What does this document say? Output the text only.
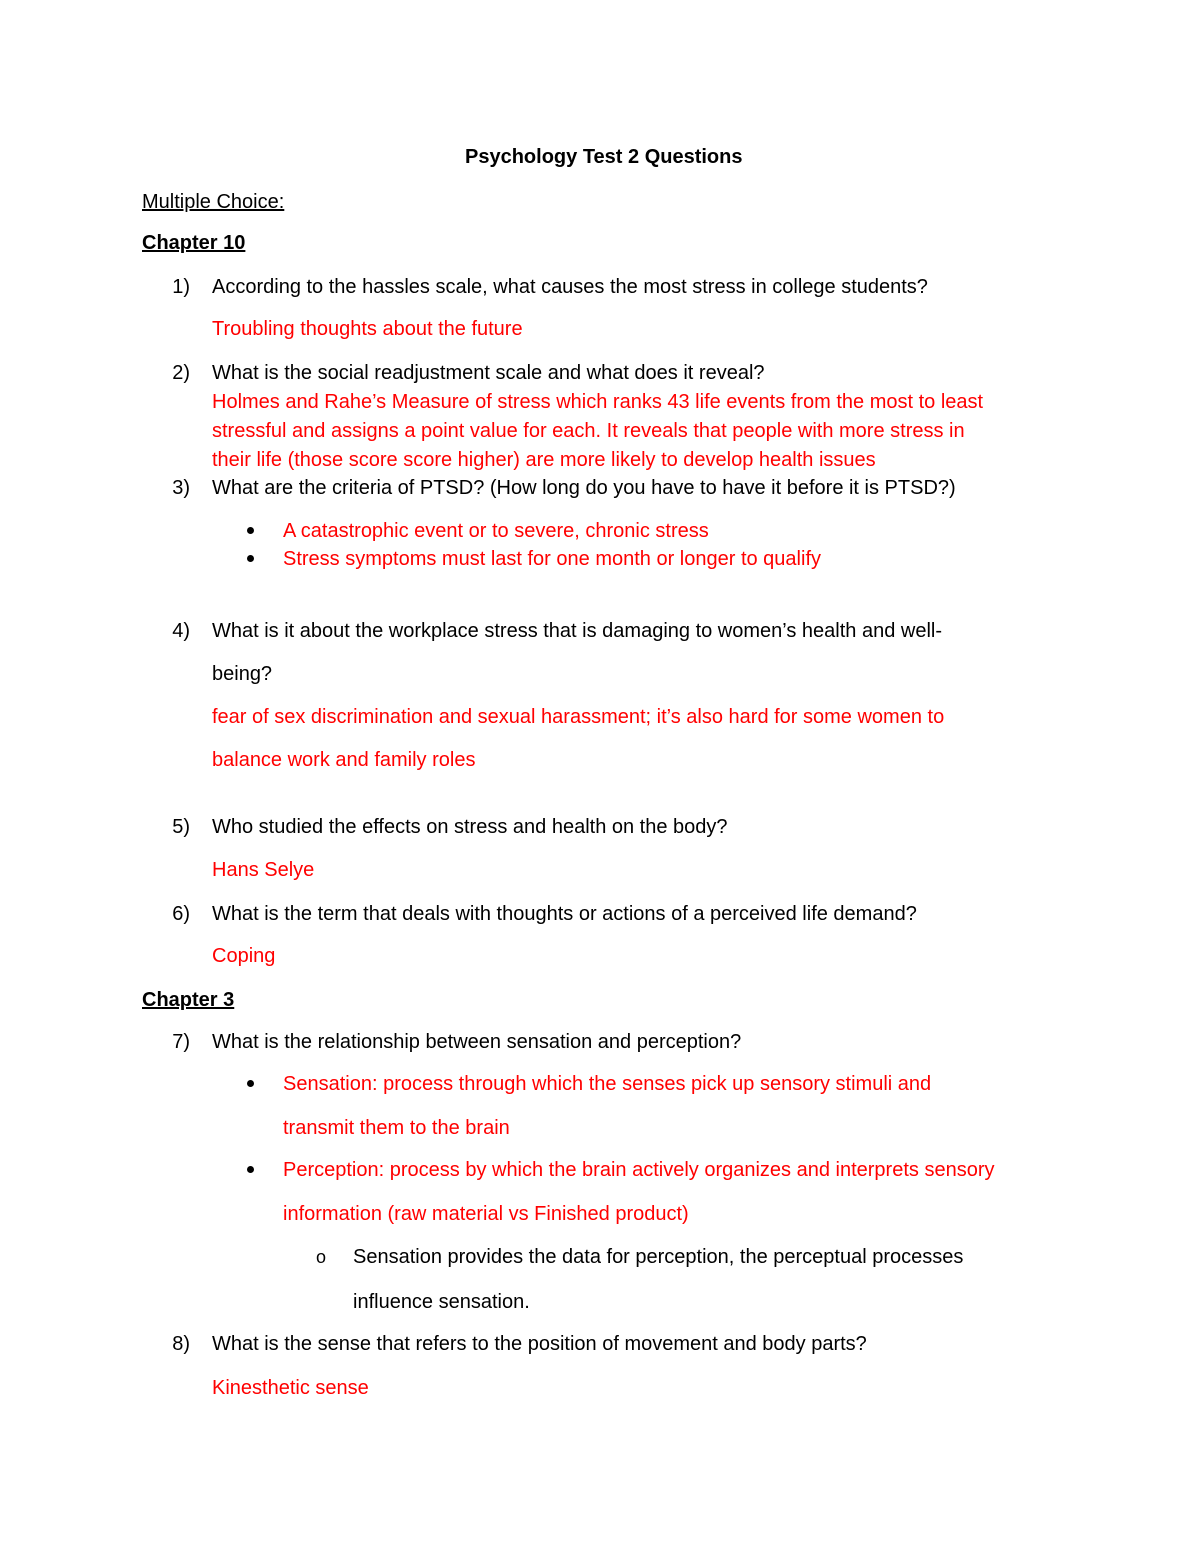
Psychology Test 2 Questions
Multiple Choice:
Chapter 10
1) According to the hassles scale, what causes the most stress in college students?
Troubling thoughts about the future
2) What is the social readjustment scale and what does it reveal?
Holmes and Rahe’s Measure of stress which ranks 43 life events from the most to least
stressful and assigns a point value for each. It reveals that people with more stress in
their life (those score score higher) are more likely to develop health issues
3) What are the criteria of PTSD? (How long do you have to have it before it is PTSD?)
A catastrophic event or to severe, chronic stress
Stress symptoms must last for one month or longer to qualify
4) What is it about the workplace stress that is damaging to women’s health and well-
being?
fear of sex discrimination and sexual harassment; it’s also hard for some women to
balance work and family roles
5) Who studied the effects on stress and health on the body?
Hans Selye
6) What is the term that deals with thoughts or actions of a perceived life demand?
Coping
Chapter 3
7) What is the relationship between sensation and perception?
Sensation: process through which the senses pick up sensory stimuli and
transmit them to the brain
Perception: process by which the brain actively organizes and interprets sensory
information (raw material vs Finished product)
o Sensation provides the data for perception, the perceptual processes
influence sensation.
8) What is the sense that refers to the position of movement and body parts?
Kinesthetic sense
